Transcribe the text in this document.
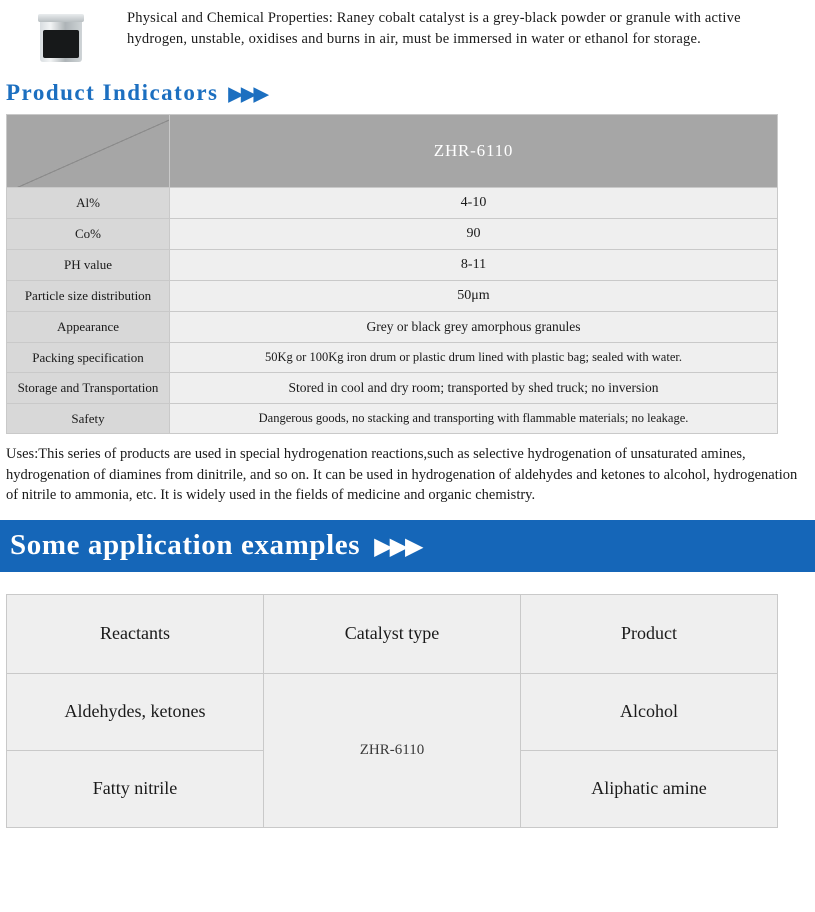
Physical and Chemical Properties: Raney cobalt catalyst is a grey-black powder or granule with active hydrogen, unstable, oxidises and burns in air, must be immersed in water or ethanol for storage.
Product Indicators ▶▶▶
	ZHR-6110
Al%	4-10
Co%	90
PH value	8-11
Particle size distribution	50μm
Appearance	Grey or black grey amorphous granules
Packing specification	50Kg or 100Kg iron drum or plastic drum lined with plastic bag; sealed with water.
Storage and Transportation	Stored in cool and dry room; transported by shed truck; no inversion
Safety	Dangerous goods, no stacking and transporting with flammable materials; no leakage.
Uses:This series of products are used in special hydrogenation reactions,such as selective hydrogenation of unsaturated amines, hydrogenation of diamines from dinitrile, and so on. It can be used in hydrogenation of aldehydes and ketones to alcohol, hydrogenation of nitrile to ammonia, etc. It is widely used in the fields of medicine and organic chemistry.
Some application examples ▶▶▶
Reactants	Catalyst type	Product
Aldehydes, ketones	ZHR-6110	Alcohol
Fatty nitrile		Aliphatic amine
